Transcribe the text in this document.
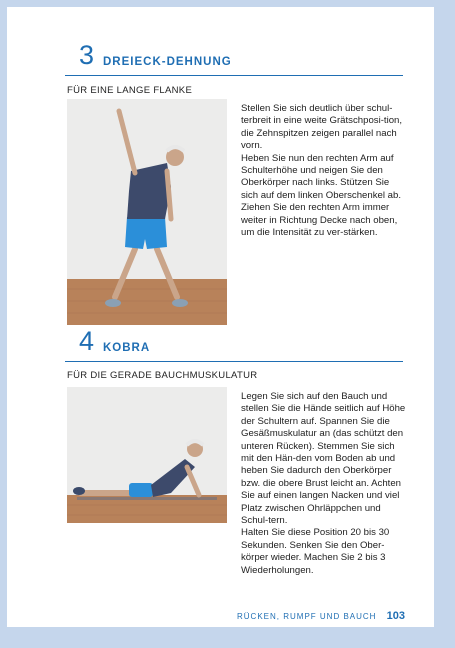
3 DREIECK-DEHNUNG
FÜR EINE LANGE FLANKE

Stellen Sie sich deutlich über schul-terbreit in eine weite Grätschposi-tion, die Zehnspitzen zeigen parallel nach vorn.

Heben Sie nun den rechten Arm auf Schulterhöhe und neigen Sie den Oberkörper nach links. Stützen Sie sich auf dem linken Oberschenkel ab. Ziehen Sie den rechten Arm immer weiter in Richtung Decke nach oben, um die Intensität zu ver-stärken.

4 KOBRA
FÜR DIE GERADE BAUCHMUSKULATUR

Legen Sie sich auf den Bauch und stellen Sie die Hände seitlich auf Höhe der Schultern auf. Spannen Sie die Gesäßmuskulatur an (das schützt den unteren Rücken). Stemmen Sie sich mit den Hän-den vom Boden ab und heben Sie dadurch den Oberkörper bzw. die obere Brust leicht an. Achten Sie auf einen langen Nacken und viel Platz zwischen Ohrläppchen und Schul-tern.

Halten Sie diese Position 20 bis 30 Sekunden. Senken Sie den Ober-körper wieder. Machen Sie 2 bis 3 Wiederholungen.

RÜCKEN, RUMPF UND BAUCH 103
